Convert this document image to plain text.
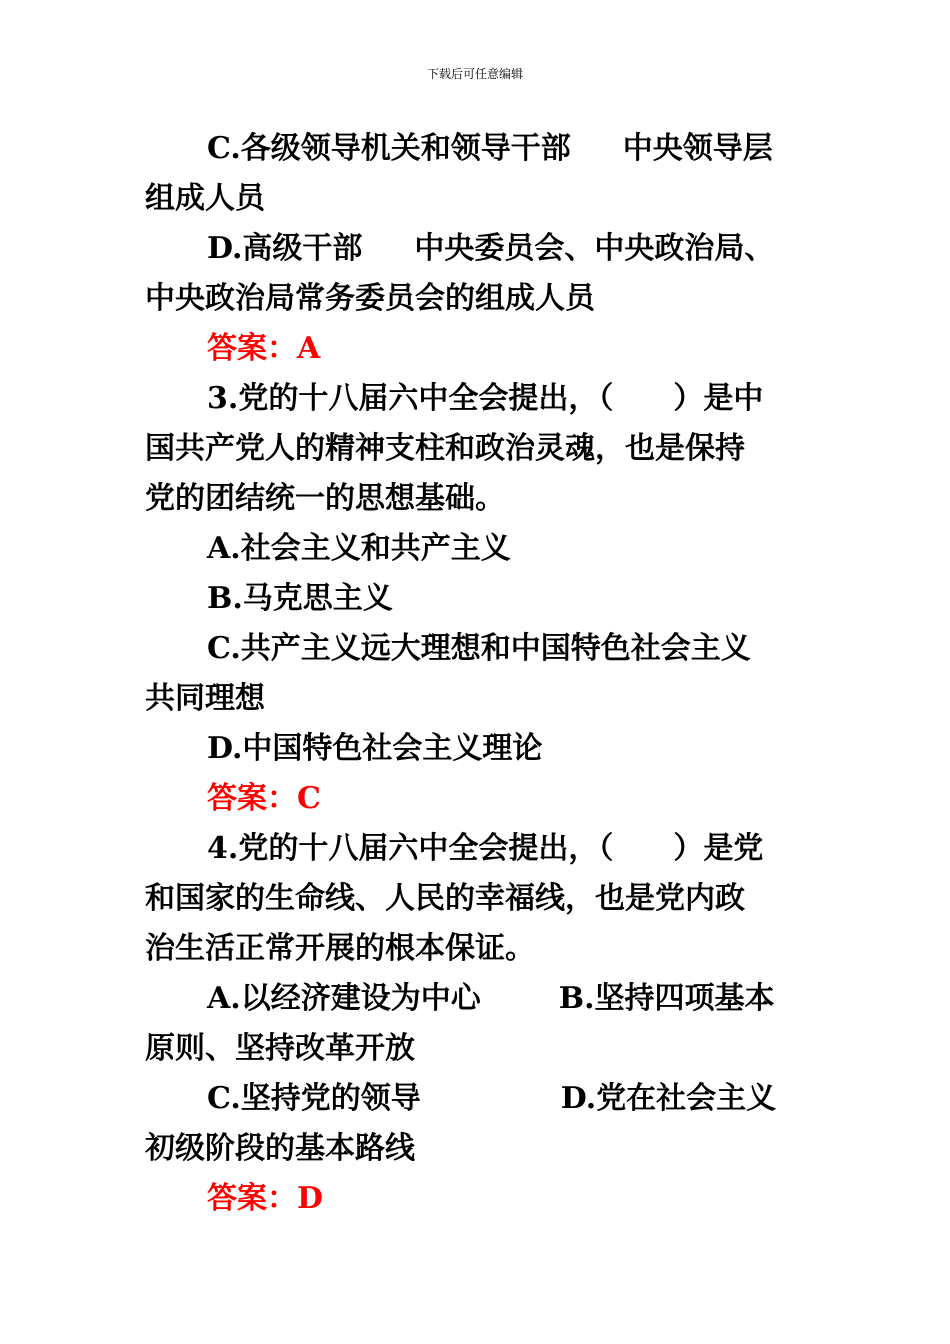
下载后可任意编辑
C.各级领导机关和领导干部 中央领导层
组成人员
D.高级干部 中央委员会、中央政治局、
中央政治局常务委员会的组成人员
答案：A
3.党的十八届六中全会提出，（　　）是中
国共产党人的精神支柱和政治灵魂，也是保持
党的团结统一的思想基础。
A.社会主义和共产主义
B.马克思主义
C.共产主义远大理想和中国特色社会主义
共同理想
D.中国特色社会主义理论
答案：C
4.党的十八届六中全会提出，（　　）是党
和国家的生命线、人民的幸福线，也是党内政
治生活正常开展的根本保证。
A.以经济建设为中心	B.坚持四项基本
原则、坚持改革开放
C.坚持党的领导	D.党在社会主义
初级阶段的基本路线
答案：D
